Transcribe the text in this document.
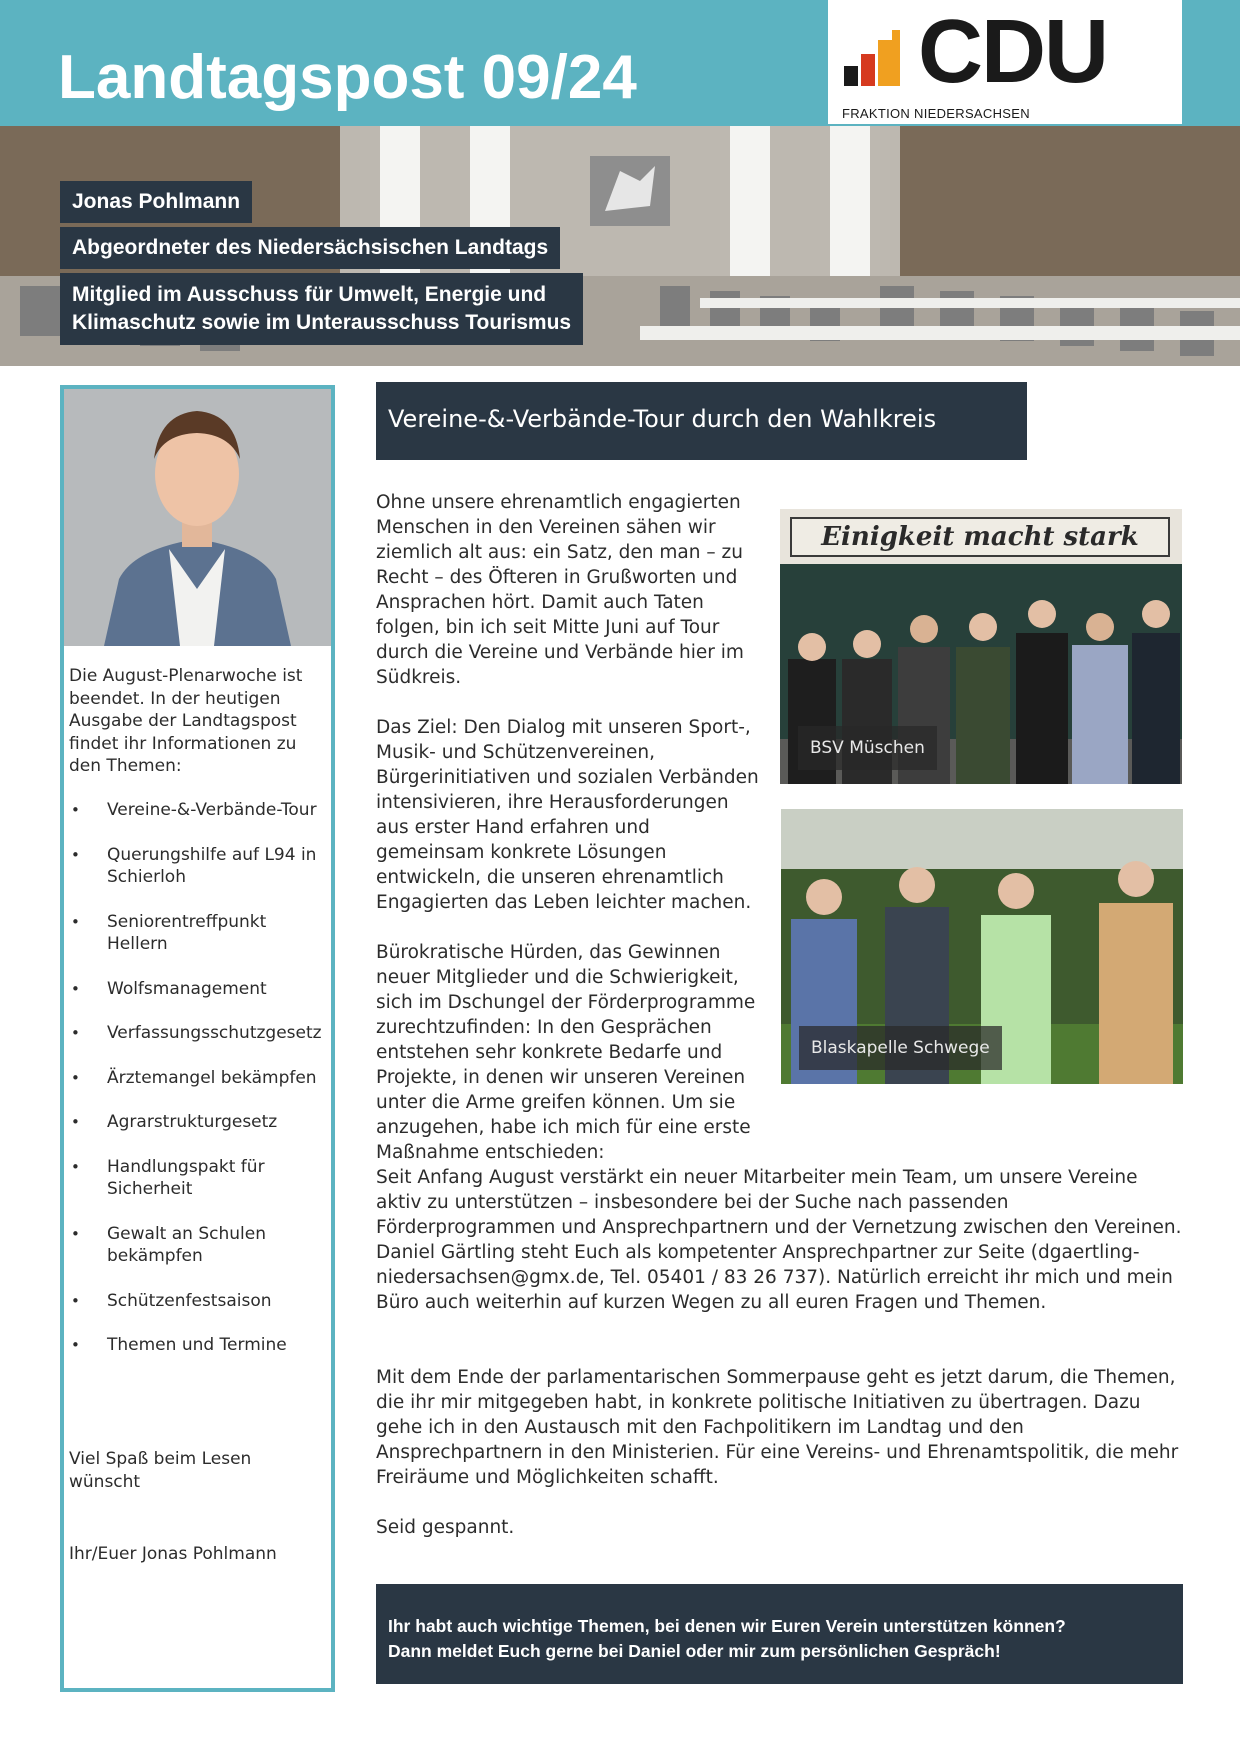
Landtagspost 09/24	CDU
FRAKTION NIEDERSACHSEN
Jonas Pohlmann
Abgeordneter des Niedersächsischen Landtags
Mitglied im Ausschuss für Umwelt, Energie und
Klimaschutz sowie im Unterausschuss Tourismus
Die August-Plenarwoche ist beendet. In der heutigen Ausgabe der Landtagspost findet ihr Informationen zu den Themen:
• Vereine-&-Verbände-Tour
• Querungshilfe auf L94 in Schierloh
• Seniorentreffpunkt Hellern
• Wolfsmanagement
• Verfassungsschutzgesetz
• Ärztemangel bekämpfen
• Agrarstrukturgesetz
• Handlungspakt für Sicherheit
• Gewalt an Schulen bekämpfen
• Schützenfestsaison
• Themen und Termine
Viel Spaß beim Lesen wünscht
Ihr/Euer Jonas Pohlmann
Vereine-&-Verbände-Tour durch den Wahlkreis

Ohne unsere ehrenamtlich engagierten Menschen in den Vereinen sähen wir ziemlich alt aus: ein Satz, den man – zu Recht – des Öfteren in Grußworten und Ansprachen hört. Damit auch Taten folgen, bin ich seit Mitte Juni auf Tour durch die Vereine und Verbände hier im Südkreis.

Das Ziel: Den Dialog mit unseren Sport-, Musik- und Schützenvereinen, Bürgerinitiativen und sozialen Verbänden intensivieren, ihre Herausforderungen aus erster Hand erfahren und gemeinsam konkrete Lösungen entwickeln, die unseren ehrenamtlich Engagierten das Leben leichter machen.

Bürokratische Hürden, das Gewinnen neuer Mitglieder und die Schwierigkeit, sich im Dschungel der Förderprogramme zurechtzufinden: In den Gesprächen entstehen sehr konkrete Bedarfe und Projekte, in denen wir unseren Vereinen unter die Arme greifen können. Um sie anzugehen, habe ich mich für eine erste Maßnahme entschieden:

Einigkeit macht stark
BSV Müschen
Blaskapelle Schwege

Seit Anfang August verstärkt ein neuer Mitarbeiter mein Team, um unsere Vereine aktiv zu unterstützen – insbesondere bei der Suche nach passenden Förderprogrammen und Ansprechpartnern und der Vernetzung zwischen den Vereinen. Daniel Gärtling steht Euch als kompetenter Ansprechpartner zur Seite (dgaertling-niedersachsen@gmx.de, Tel. 05401 / 83 26 737). Natürlich erreicht ihr mich und mein Büro auch weiterhin auf kurzen Wegen zu all euren Fragen und Themen.

Mit dem Ende der parlamentarischen Sommerpause geht es jetzt darum, die Themen, die ihr mir mitgegeben habt, in konkrete politische Initiativen zu übertragen. Dazu gehe ich in den Austausch mit den Fachpolitikern im Landtag und den Ansprechpartnern in den Ministerien. Für eine Vereins- und Ehrenamtspolitik, die mehr Freiräume und Möglichkeiten schafft.

Seid gespannt.

Ihr habt auch wichtige Themen, bei denen wir Euren Verein unterstützen können?
Dann meldet Euch gerne bei Daniel oder mir zum persönlichen Gespräch!
